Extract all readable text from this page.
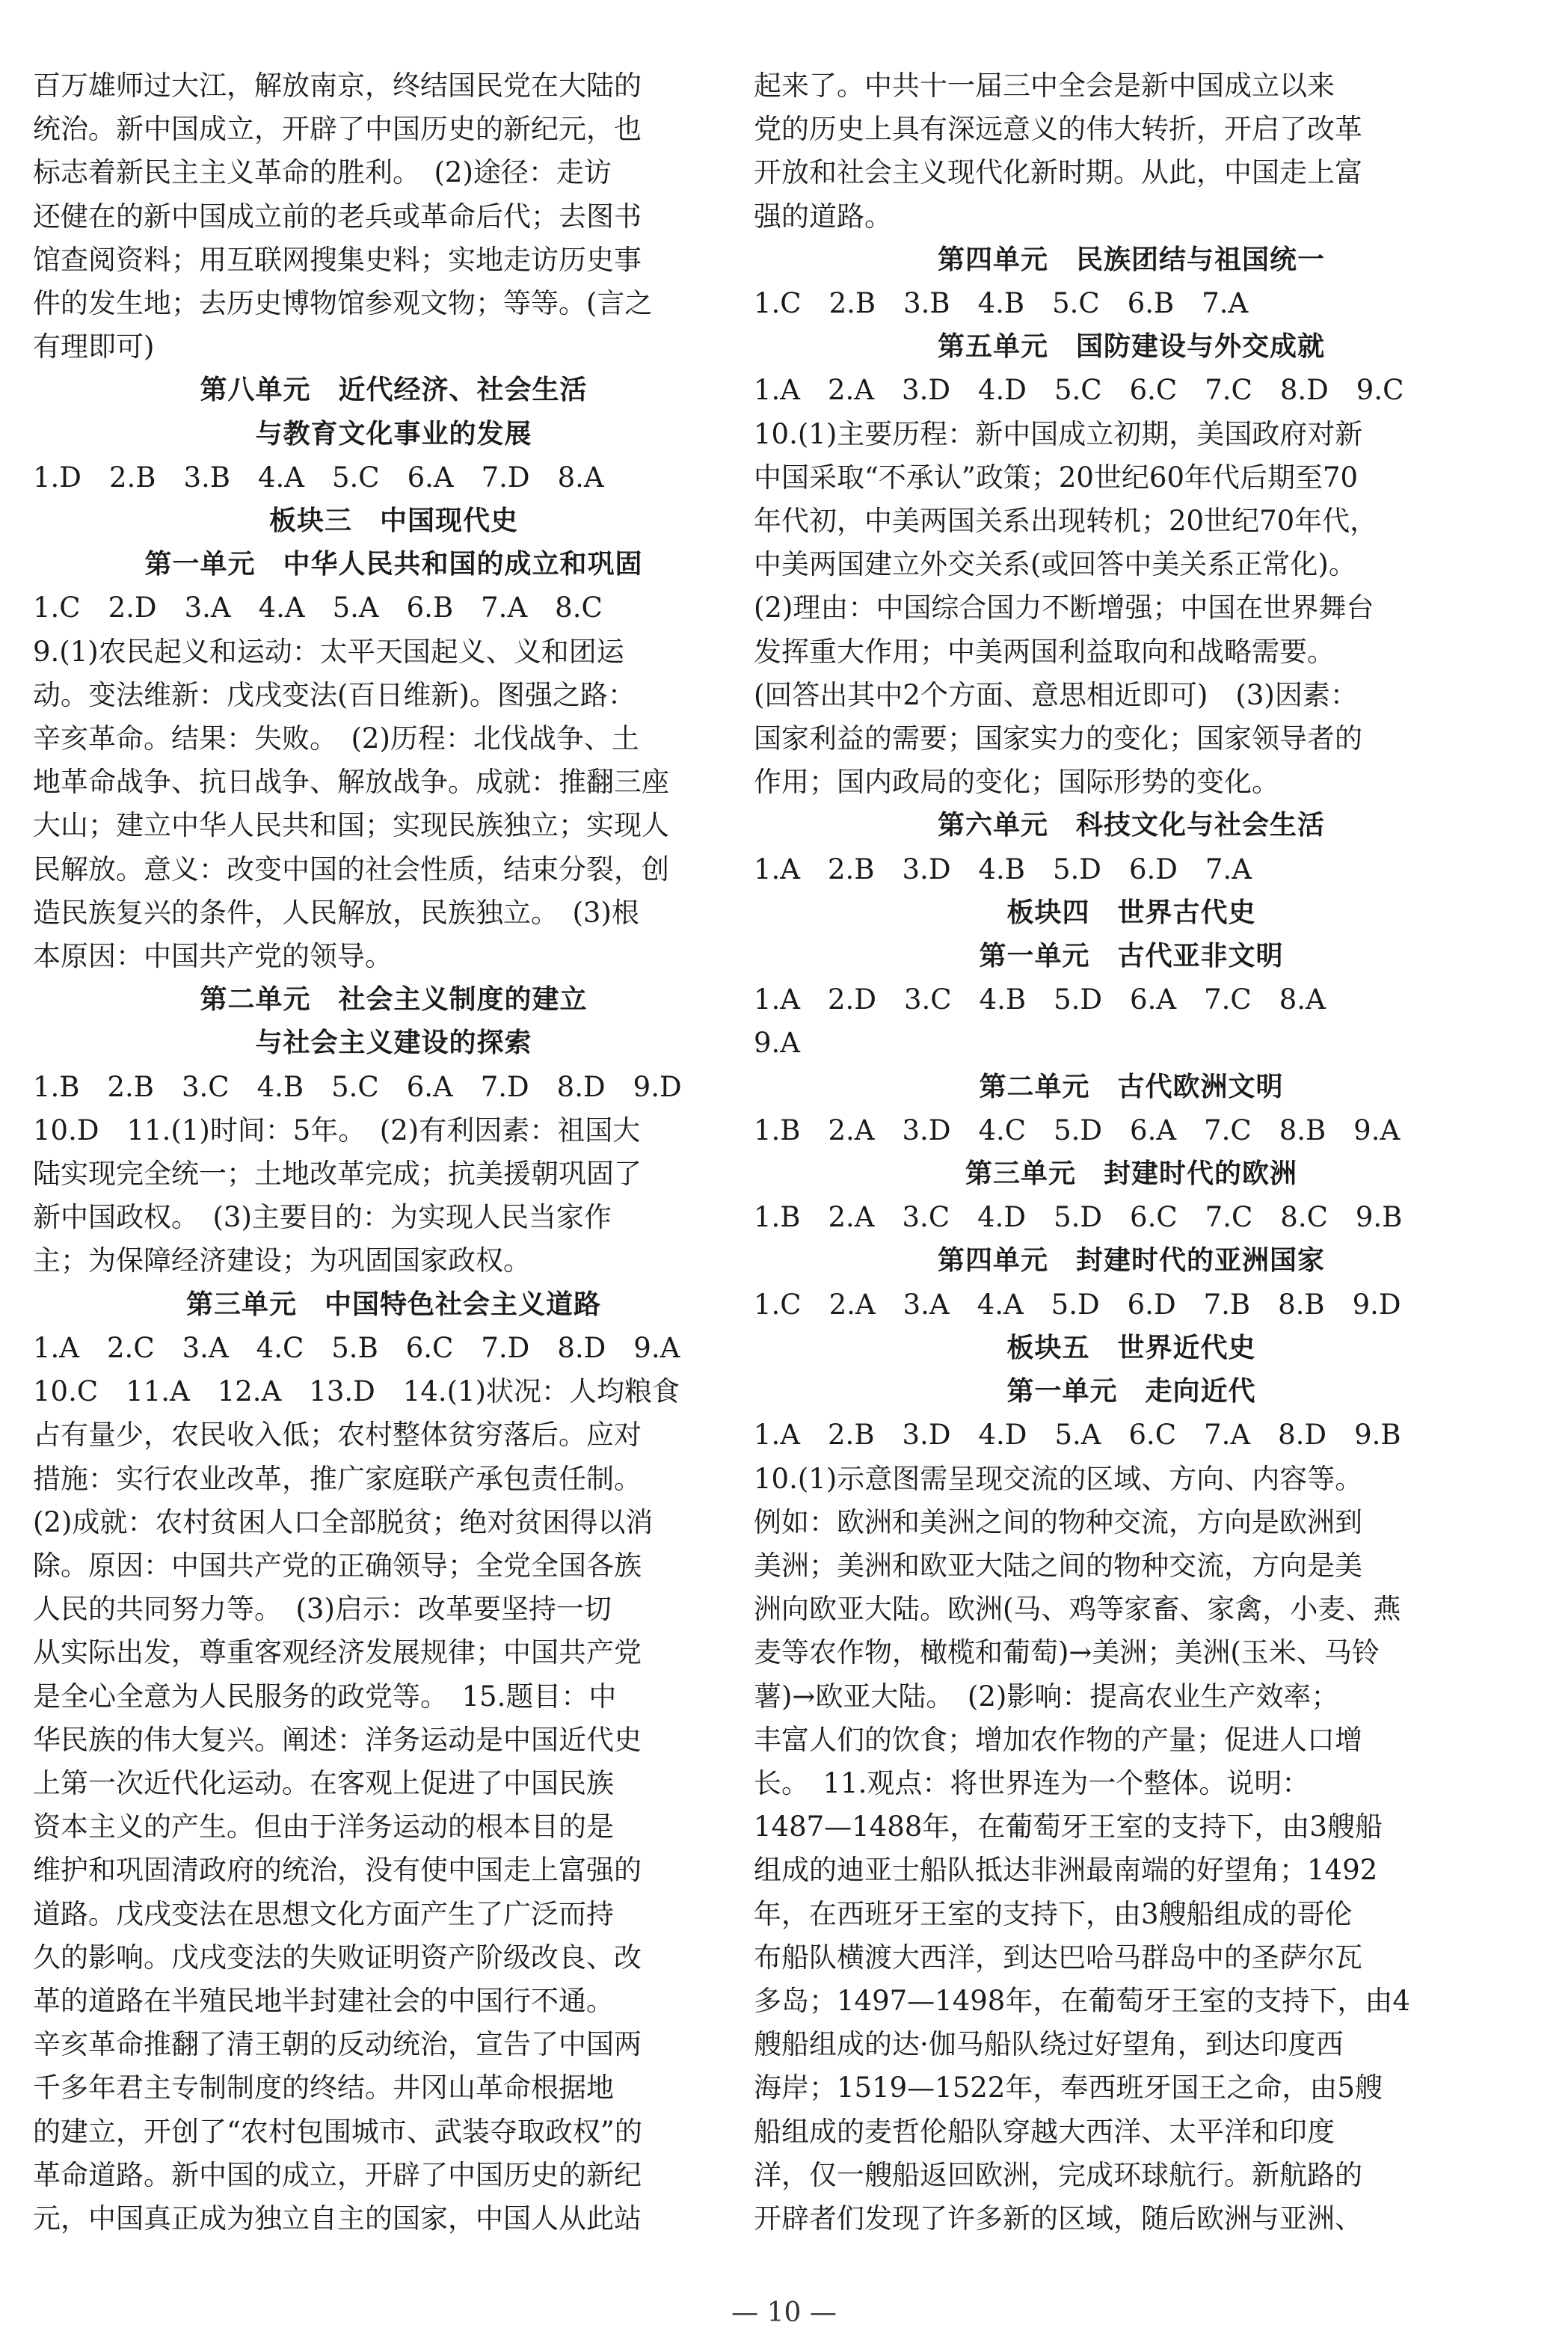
百万雄师过大江，解放南京，终结国民党在大陆的

统治。新中国成立，开辟了中国历史的新纪元，也

标志着新民主主义革命的胜利。　(2)途径：走访

还健在的新中国成立前的老兵或革命后代；去图书

馆查阅资料；用互联网搜集史料；实地走访历史事

件的发生地；去历史博物馆参观文物；等等。(言之

有理即可)

第八单元　近代经济、社会生活

与教育文化事业的发展

1.D　2.B　3.B　4.A　5.C　6.A　7.D　8.A

板块三　中国现代史

第一单元　中华人民共和国的成立和巩固

1.C　2.D　3.A　4.A　5.A　6.B　7.A　8.C

9.(1)农民起义和运动：太平天国起义、义和团运

动。变法维新：戊戌变法(百日维新)。图强之路：

辛亥革命。结果：失败。　(2)历程：北伐战争、土

地革命战争、抗日战争、解放战争。成就：推翻三座

大山；建立中华人民共和国；实现民族独立；实现人

民解放。意义：改变中国的社会性质，结束分裂，创

造民族复兴的条件，人民解放，民族独立。　(3)根

本原因：中国共产党的领导。

第二单元　社会主义制度的建立

与社会主义建设的探索

1.B　2.B　3.C　4.B　5.C　6.A　7.D　8.D　9.D

10.D　11.(1)时间：5年。　(2)有利因素：祖国大

陆实现完全统一；土地改革完成；抗美援朝巩固了

新中国政权。　(3)主要目的：为实现人民当家作

主；为保障经济建设；为巩固国家政权。

第三单元　中国特色社会主义道路

1.A　2.C　3.A　4.C　5.B　6.C　7.D　8.D　9.A

10.C　11.A　12.A　13.D　14.(1)状况：人均粮食

占有量少，农民收入低；农村整体贫穷落后。应对

措施：实行农业改革，推广家庭联产承包责任制。

(2)成就：农村贫困人口全部脱贫；绝对贫困得以消

除。原因：中国共产党的正确领导；全党全国各族

人民的共同努力等。　(3)启示：改革要坚持一切

从实际出发，尊重客观经济发展规律；中国共产党

是全心全意为人民服务的政党等。　15.题目：中

华民族的伟大复兴。阐述：洋务运动是中国近代史

上第一次近代化运动。在客观上促进了中国民族

资本主义的产生。但由于洋务运动的根本目的是

维护和巩固清政府的统治，没有使中国走上富强的

道路。戊戌变法在思想文化方面产生了广泛而持

久的影响。戊戌变法的失败证明资产阶级改良、改

革的道路在半殖民地半封建社会的中国行不通。

辛亥革命推翻了清王朝的反动统治，宣告了中国两

千多年君主专制制度的终结。井冈山革命根据地

的建立，开创了“农村包围城市、武装夺取政权”的

革命道路。新中国的成立，开辟了中国历史的新纪

元，中国真正成为独立自主的国家，中国人从此站

起来了。中共十一届三中全会是新中国成立以来

党的历史上具有深远意义的伟大转折，开启了改革

开放和社会主义现代化新时期。从此，中国走上富

强的道路。

第四单元　民族团结与祖国统一

1.C　2.B　3.B　4.B　5.C　6.B　7.A

第五单元　国防建设与外交成就

1.A　2.A　3.D　4.D　5.C　6.C　7.C　8.D　9.C

10.(1)主要历程：新中国成立初期，美国政府对新

中国采取“不承认”政策；20世纪60年代后期至70

年代初，中美两国关系出现转机；20世纪70年代，

中美两国建立外交关系(或回答中美关系正常化)。

(2)理由：中国综合国力不断增强；中国在世界舞台

发挥重大作用；中美两国利益取向和战略需要。

(回答出其中2个方面、意思相近即可)　(3)因素：

国家利益的需要；国家实力的变化；国家领导者的

作用；国内政局的变化；国际形势的变化。

第六单元　科技文化与社会生活

1.A　2.B　3.D　4.B　5.D　6.D　7.A

板块四　世界古代史

第一单元　古代亚非文明

1.A　2.D　3.C　4.B　5.D　6.A　7.C　8.A

9.A

第二单元　古代欧洲文明

1.B　2.A　3.D　4.C　5.D　6.A　7.C　8.B　9.A

第三单元　封建时代的欧洲

1.B　2.A　3.C　4.D　5.D　6.C　7.C　8.C　9.B

第四单元　封建时代的亚洲国家

1.C　2.A　3.A　4.A　5.D　6.D　7.B　8.B　9.D

板块五　世界近代史

第一单元　走向近代

1.A　2.B　3.D　4.D　5.A　6.C　7.A　8.D　9.B

10.(1)示意图需呈现交流的区域、方向、内容等。

例如：欧洲和美洲之间的物种交流，方向是欧洲到

美洲；美洲和欧亚大陆之间的物种交流，方向是美

洲向欧亚大陆。欧洲(马、鸡等家畜、家禽，小麦、燕

麦等农作物，橄榄和葡萄)→美洲；美洲(玉米、马铃

薯)→欧亚大陆。　(2)影响：提高农业生产效率；

丰富人们的饮食；增加农作物的产量；促进人口增

长。　11.观点：将世界连为一个整体。说明：

1487—1488年，在葡萄牙王室的支持下，由3艘船

组成的迪亚士船队抵达非洲最南端的好望角；1492

年，在西班牙王室的支持下，由3艘船组成的哥伦

布船队横渡大西洋，到达巴哈马群岛中的圣萨尔瓦

多岛；1497—1498年，在葡萄牙王室的支持下，由4

艘船组成的达·伽马船队绕过好望角，到达印度西

海岸；1519—1522年，奉西班牙国王之命，由5艘

船组成的麦哲伦船队穿越大西洋、太平洋和印度

洋，仅一艘船返回欧洲，完成环球航行。新航路的

开辟者们发现了许多新的区域，随后欧洲与亚洲、

— 10 —
